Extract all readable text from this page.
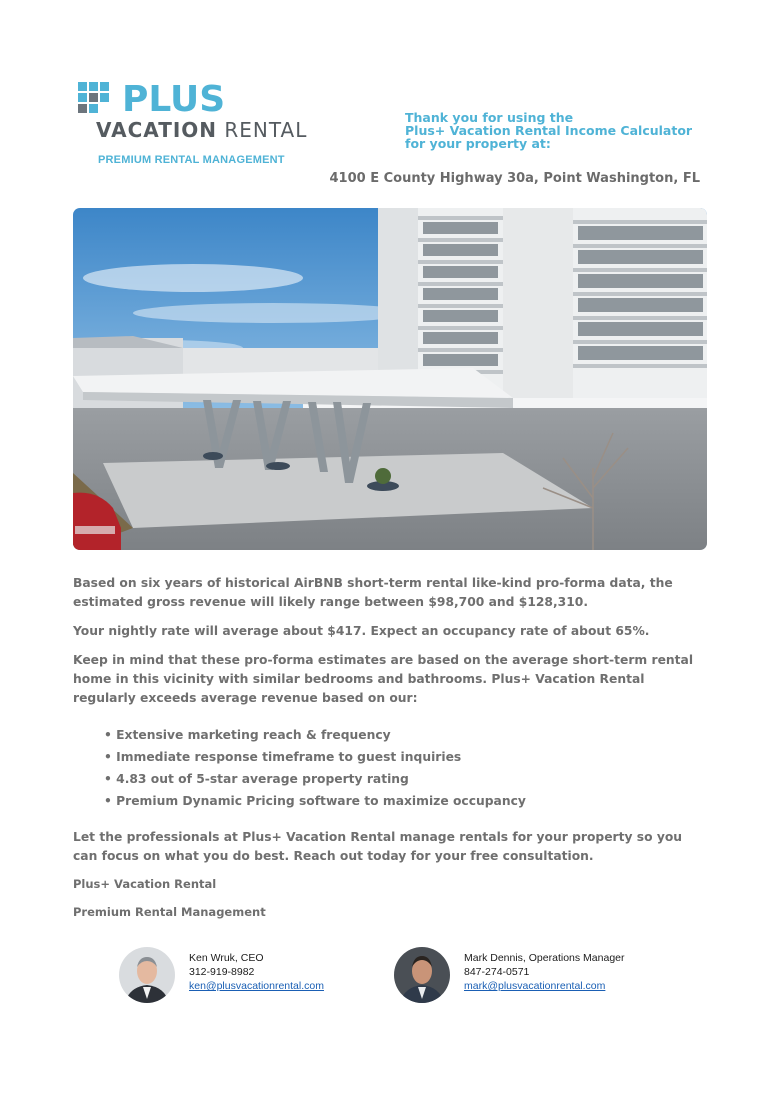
PLUS
VACATION RENTAL
PREMIUM RENTAL MANAGEMENT
Thank you for using the
Plus+ Vacation Rental Income Calculator
for your property at:
4100 E County Highway 30a, Point Washington, FL
Based on six years of historical AirBNB short-term rental like-kind pro-forma data, the estimated gross revenue will likely range between $98,700 and $128,310.
Your nightly rate will average about $417. Expect an occupancy rate of about 65%.
Keep in mind that these pro-forma estimates are based on the average short-term rental home in this vicinity with similar bedrooms and bathrooms. Plus+ Vacation Rental regularly exceeds average revenue based on our:
• Extensive marketing reach & frequency
• Immediate response timeframe to guest inquiries
• 4.83 out of 5-star average property rating
• Premium Dynamic Pricing software to maximize occupancy
Let the professionals at Plus+ Vacation Rental manage rentals for your property so you can focus on what you do best. Reach out today for your free consultation.
Plus+ Vacation Rental
Premium Rental Management
Ken Wruk, CEO
312-919-8982
ken@plusvacationrental.com
Mark Dennis, Operations Manager
847-274-0571
mark@plusvacationrental.com
